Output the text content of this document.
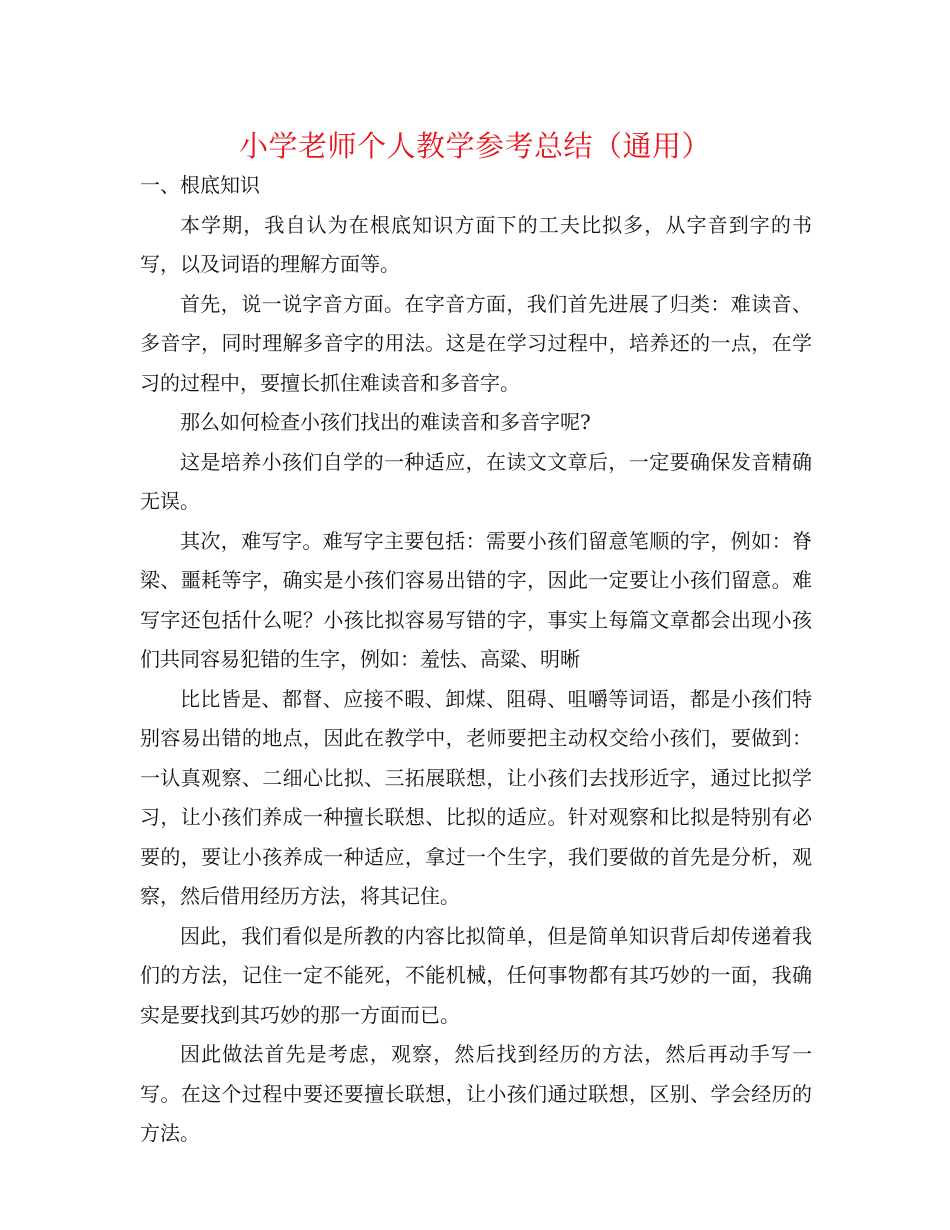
小学老师个人教学参考总结（通用）

一、根底知识

本学期，我自认为在根底知识方面下的工夫比拟多，从字音到字的书写，以及词语的理解方面等。

首先，说一说字音方面。在字音方面，我们首先进展了归类：难读音、多音字，同时理解多音字的用法。这是在学习过程中，培养还的一点，在学习的过程中，要擅长抓住难读音和多音字。

那么如何检查小孩们找出的难读音和多音字呢?

这是培养小孩们自学的一种适应，在读文文章后，一定要确保发音精确无误。

其次，难写字。难写字主要包括：需要小孩们留意笔顺的字，例如：脊梁、噩耗等字，确实是小孩们容易出错的字，因此一定要让小孩们留意。难写字还包括什么呢？小孩比拟容易写错的字，事实上每篇文章都会出现小孩们共同容易犯错的生字，例如：羞怯、高粱、明晰

比比皆是、都督、应接不暇、卸煤、阻碍、咀嚼等词语，都是小孩们特别容易出错的地点，因此在教学中，老师要把主动权交给小孩们，要做到：一认真观察、二细心比拟、三拓展联想，让小孩们去找形近字，通过比拟学习，让小孩们养成一种擅长联想、比拟的适应。针对观察和比拟是特别有必要的，要让小孩养成一种适应，拿过一个生字，我们要做的首先是分析，观察，然后借用经历方法，将其记住。

因此，我们看似是所教的内容比拟简单，但是简单知识背后却传递着我们的方法，记住一定不能死，不能机械，任何事物都有其巧妙的一面，我确实是要找到其巧妙的那一方面而已。

因此做法首先是考虑，观察，然后找到经历的方法，然后再动手写一写。在这个过程中要还要擅长联想，让小孩们通过联想，区别、学会经历的方法。
